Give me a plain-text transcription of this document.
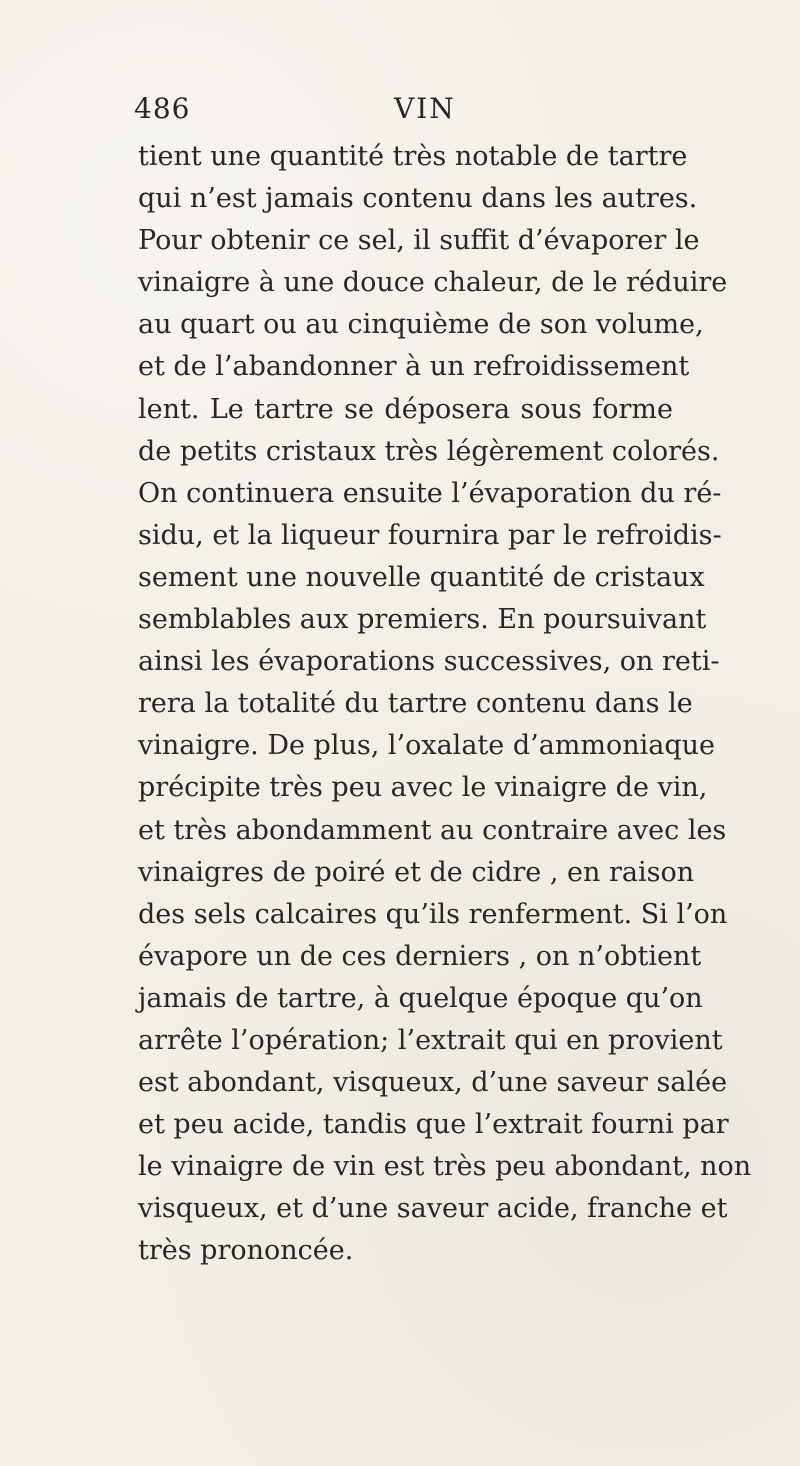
486	VIN
tient une quantité très notable de tartre
qui n’est jamais contenu dans les autres.
Pour obtenir ce sel, il suffit d’évaporer le
vinaigre à une douce chaleur, de le réduire
au quart ou au cinquième de son volume,
et de l’abandonner à un refroidissement
lent. Le tartre se déposera sous forme
de petits cristaux très légèrement colorés.
On continuera ensuite l’évaporation du ré-
sidu, et la liqueur fournira par le refroidis-
sement une nouvelle quantité de cristaux
semblables aux premiers. En poursuivant
ainsi les évaporations successives, on reti-
rera la totalité du tartre contenu dans le
vinaigre. De plus, l’oxalate d’ammoniaque
précipite très peu avec le vinaigre de vin,
et très abondamment au contraire avec les
vinaigres de poiré et de cidre , en raison
des sels calcaires qu’ils renferment. Si l’on
évapore un de ces derniers , on n’obtient
jamais de tartre, à quelque époque qu’on
arrête l’opération; l’extrait qui en provient
est abondant, visqueux, d’une saveur salée
et peu acide, tandis que l’extrait fourni par
le vinaigre de vin est très peu abondant, non
visqueux, et d’une saveur acide, franche et
très prononcée.
